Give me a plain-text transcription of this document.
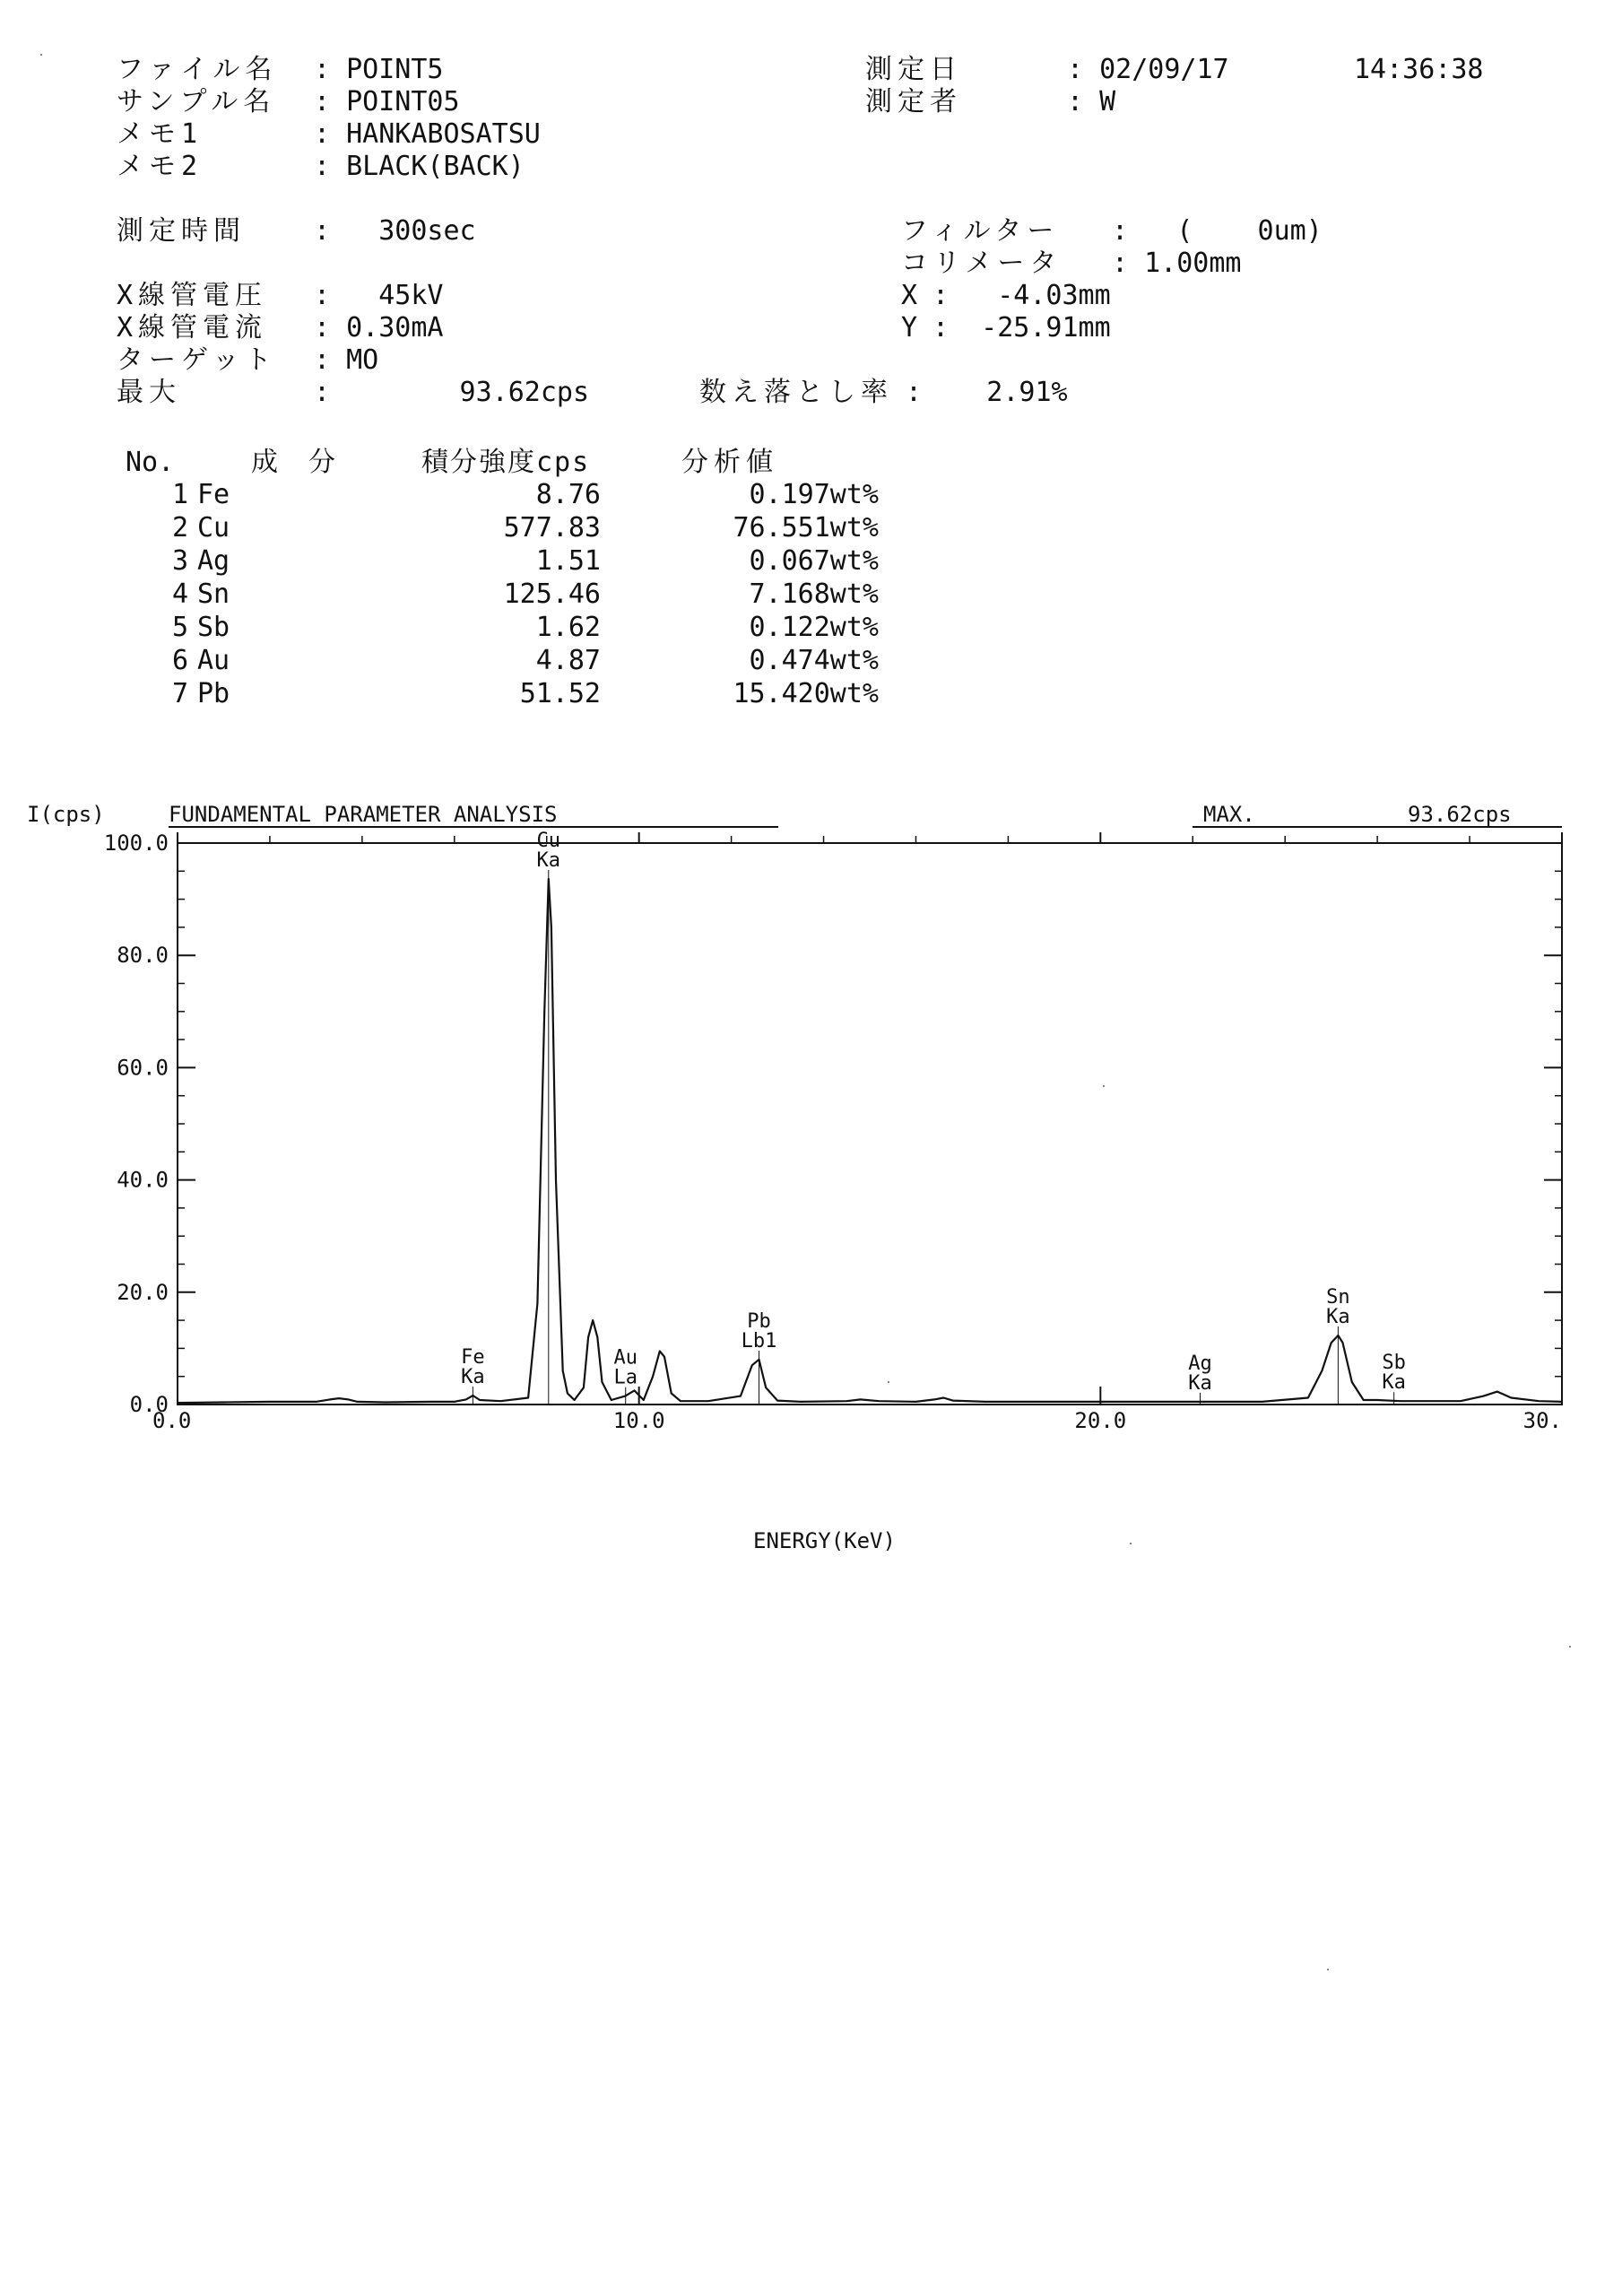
ファイル名 : POINT5
サンプル名 : POINT05
メモ1	: HANKABOSATSU
メモ2	: BLACK(BACK)
測定日	: 02/09/17	14:36:38
測定者	: W
測定時間	:   300sec
X線管電圧 :   45kV
X線管電流 : 0.30mA
ターゲット : MO
最大	:        93.62cps
フィルター :   (    0um)
コリメータ : 1.00mm
X :   -4.03mm
Y :  -25.91mm
数え落とし率 :    2.91%
No.	成 分	積分強度cps	分析値
1 Fe	8.76	0.197wt%
2 Cu	577.83	76.551wt%
3 Ag	1.51	0.067wt%
4 Sn	125.46	7.168wt%
5 Sb	1.62	0.122wt%
6 Au	4.87	0.474wt%
7 Pb	51.52	15.420wt%
I(cps)	FUNDAMENTAL PARAMETER ANALYSIS	MAX.	93.62cps
0.0
20.0
40.0
60.0
80.0
100.0
0.0	10.0	20.0	30.
Cu
Ka
Fe
Ka
Au
La
Pb
Lb1
Ag
Ka
Sn
Ka
Sb
Ka
ENERGY(KeV)
